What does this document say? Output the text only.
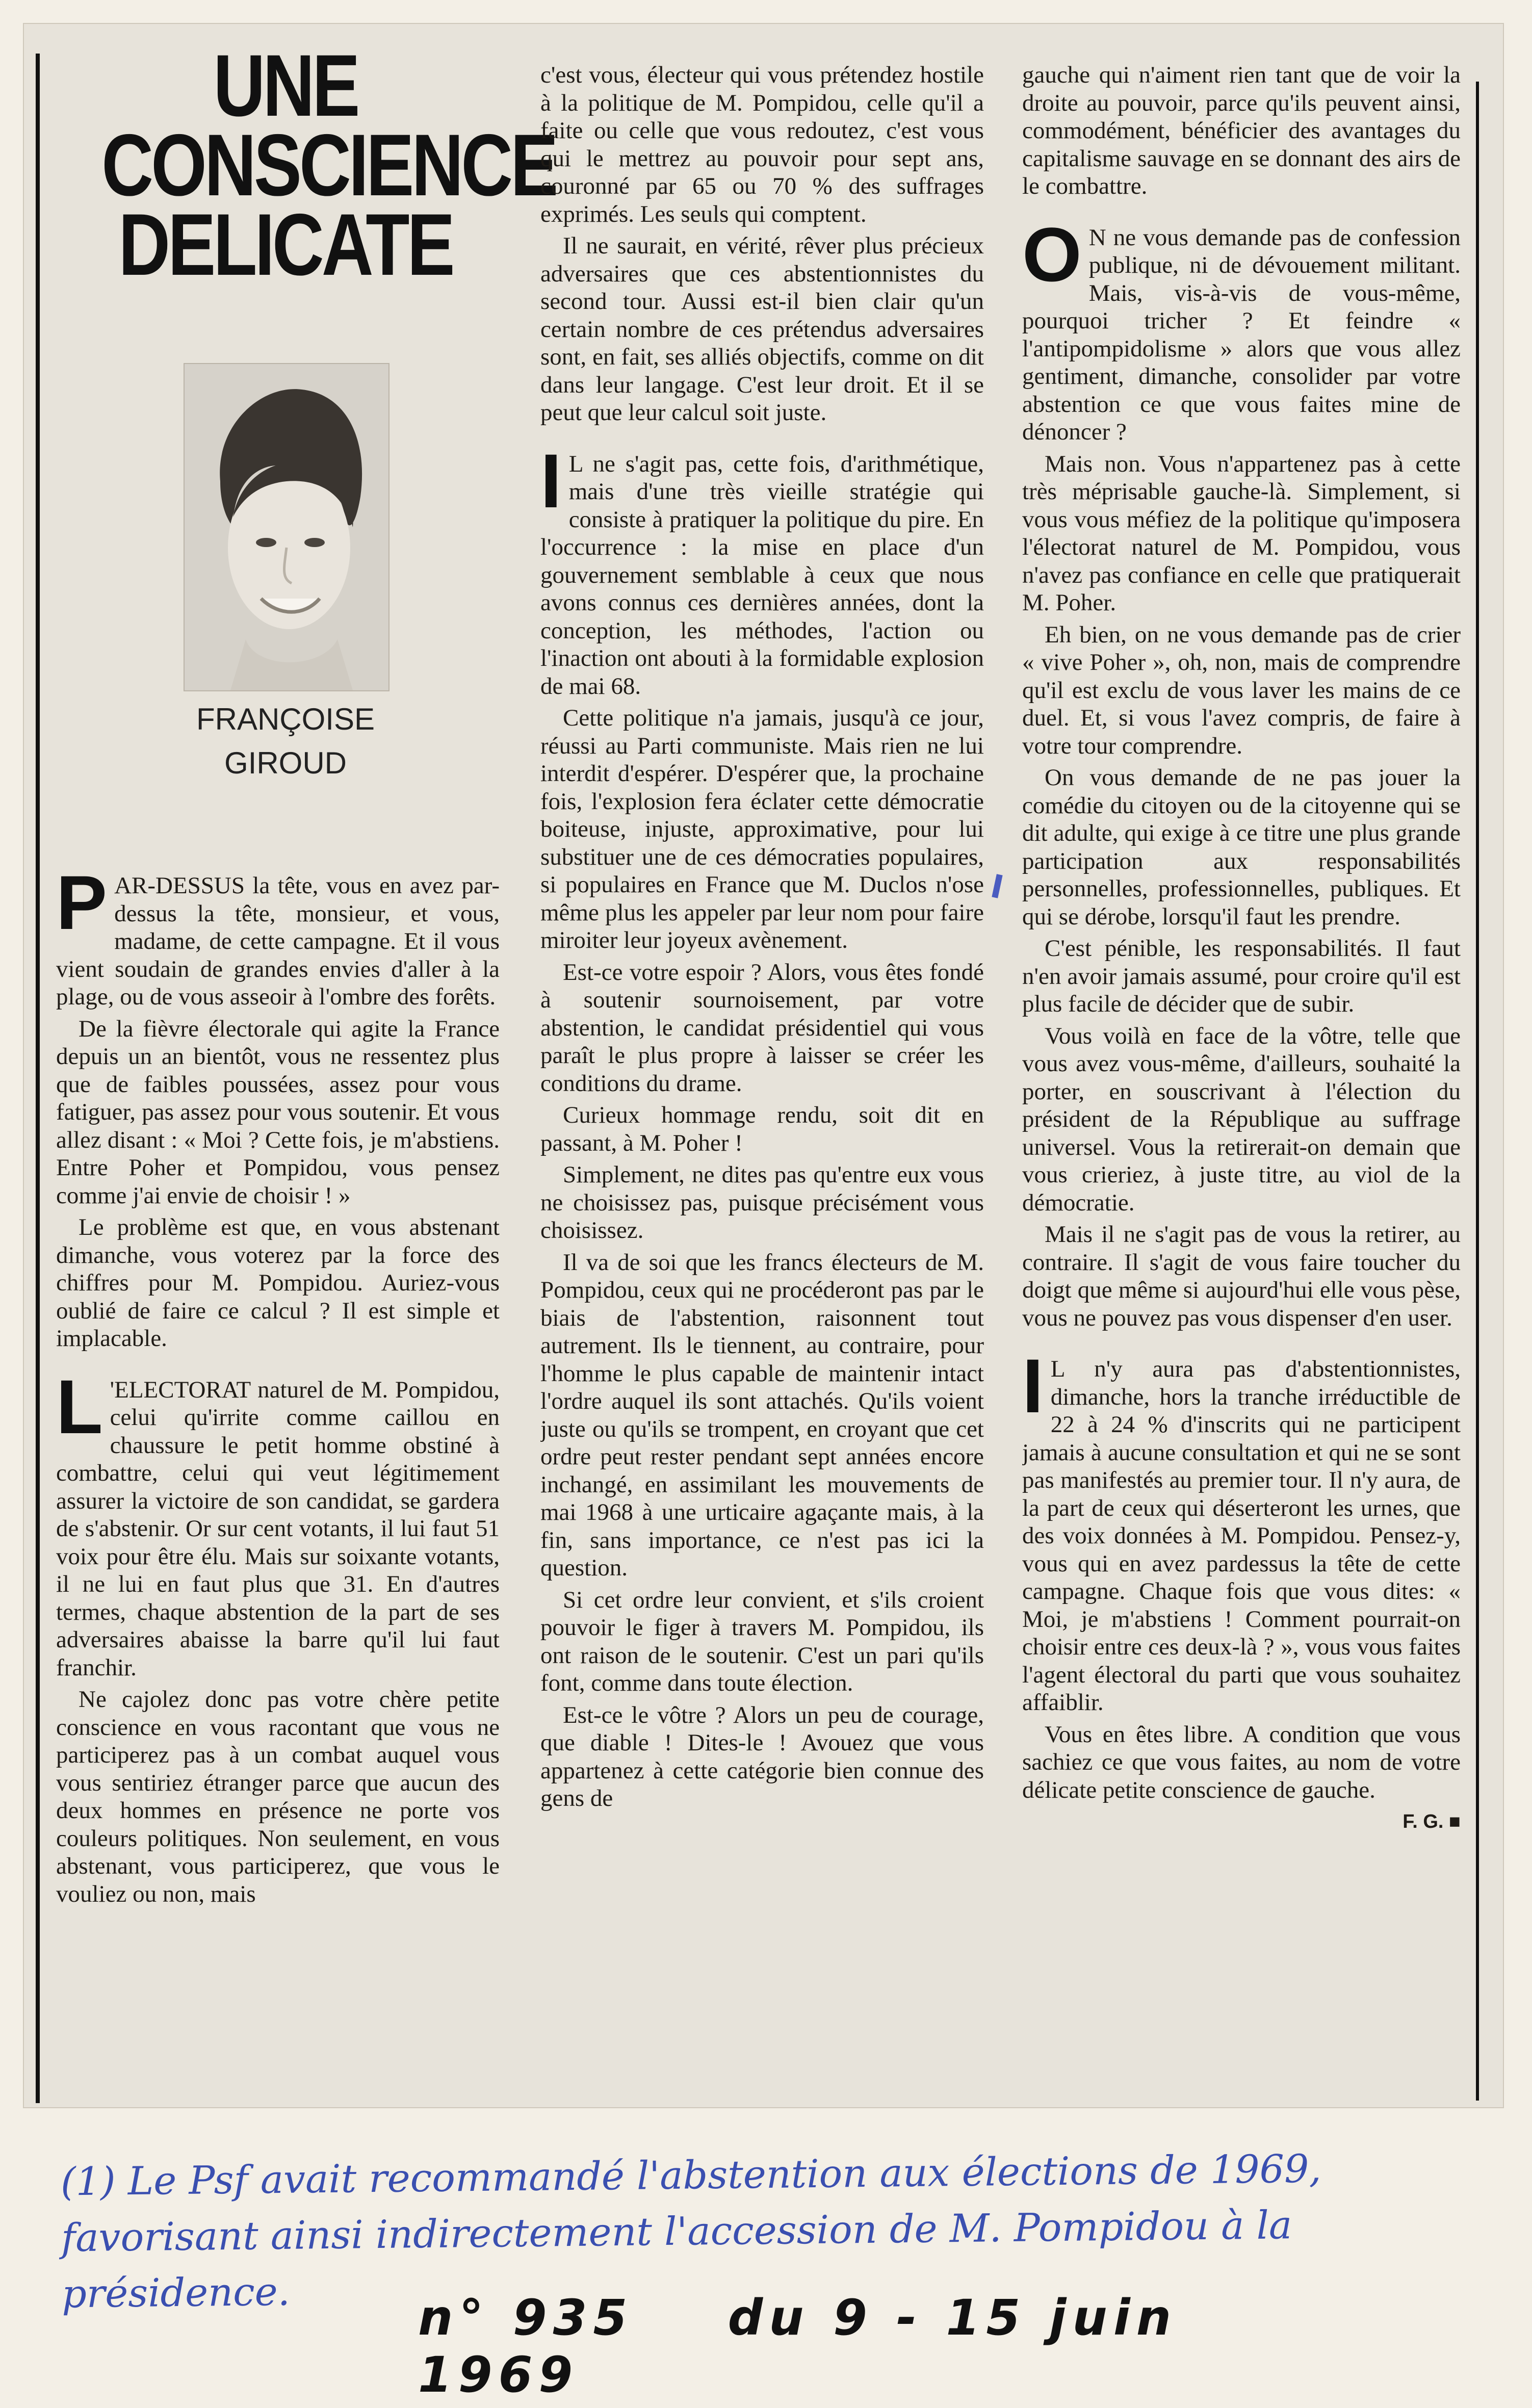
UNE
CONSCIENCE
DELICATE
FRANÇOISE
GIROUD

PAR-DESSUS la tête, vous en avez par-dessus la tête, monsieur, et vous, madame, de cette campagne. Et il vous vient soudain de grandes envies d'aller à la plage, ou de vous asseoir à l'ombre des forêts.

De la fièvre électorale qui agite la France depuis un an bientôt, vous ne ressentez plus que de faibles poussées, assez pour vous fatiguer, pas assez pour vous soutenir. Et vous allez disant : « Moi ? Cette fois, je m'abstiens. Entre Poher et Pompidou, vous pensez comme j'ai envie de choisir ! »

Le problème est que, en vous abstenant dimanche, vous voterez par la force des chiffres pour M. Pompidou. Auriez-vous oublié de faire ce calcul ? Il est simple et implacable.

L 'ELECTORAT naturel de M. Pompidou, celui qu'irrite comme caillou en chaussure le petit homme obstiné à combattre, celui qui veut légitimement assurer la victoire de son candidat, se gardera de s'abstenir. Or sur cent votants, il lui faut 51 voix pour être élu. Mais sur soixante votants, il ne lui en faut plus que 31. En d'autres termes, chaque abstention de la part de ses adversaires abaisse la barre qu'il lui faut franchir.

Ne cajolez donc pas votre chère petite conscience en vous racontant que vous ne participerez pas à un combat auquel vous vous sentiriez étranger parce que aucun des deux hommes en présence ne porte vos couleurs politiques. Non seulement, en vous abstenant, vous participerez, que vous le vouliez ou non, mais

c'est vous, électeur qui vous prétendez hostile à la politique de M. Pompidou, celle qu'il a faite ou celle que vous redoutez, c'est vous qui le mettrez au pouvoir pour sept ans, couronné par 65 ou 70 % des suffrages exprimés. Les seuls qui comptent.

Il ne saurait, en vérité, rêver plus précieux adversaires que ces abstentionnistes du second tour. Aussi est-il bien clair qu'un certain nombre de ces prétendus adversaires sont, en fait, ses alliés objectifs, comme on dit dans leur langage. C'est leur droit. Et il se peut que leur calcul soit juste.

I L ne s'agit pas, cette fois, d'arithmétique, mais d'une très vieille stratégie qui consiste à pratiquer la politique du pire. En l'occurrence : la mise en place d'un gouvernement semblable à ceux que nous avons connus ces dernières années, dont la conception, les méthodes, l'action ou l'inaction ont abouti à la formidable explosion de mai 68.

Cette politique n'a jamais, jusqu'à ce jour, réussi au Parti communiste. Mais rien ne lui interdit d'espérer. D'espérer que, la prochaine fois, l'explosion fera éclater cette démocratie boiteuse, injuste, approximative, pour lui substituer une de ces démocraties populaires, si populaires en France que M. Duclos n'ose même plus les appeler par leur nom pour faire miroiter leur joyeux avènement.

Est-ce votre espoir ? Alors, vous êtes fondé à soutenir sournoisement, par votre abstention, le candidat présidentiel qui vous paraît le plus propre à laisser se créer les conditions du drame.

Curieux hommage rendu, soit dit en passant, à M. Poher !

Simplement, ne dites pas qu'entre eux vous ne choisissez pas, puisque précisément vous choisissez.

Il va de soi que les francs électeurs de M. Pompidou, ceux qui ne procéderont pas par le biais de l'abstention, raisonnent tout autrement. Ils le tiennent, au contraire, pour l'homme le plus capable de maintenir intact l'ordre auquel ils sont attachés. Qu'ils voient juste ou qu'ils se trompent, en croyant que cet ordre peut rester pendant sept années encore inchangé, en assimilant les mouvements de mai 1968 à une urticaire agaçante mais, à la fin, sans importance, ce n'est pas ici la question.

Si cet ordre leur convient, et s'ils croient pouvoir le figer à travers M. Pompidou, ils ont raison de le soutenir. C'est un pari qu'ils font, comme dans toute élection.

Est-ce le vôtre ? Alors un peu de courage, que diable ! Dites-le ! Avouez que vous appartenez à cette catégorie bien connue des gens de

gauche qui n'aiment rien tant que de voir la droite au pouvoir, parce qu'ils peuvent ainsi, commodément, bénéficier des avantages du capitalisme sauvage en se donnant des airs de le combattre.

O N ne vous demande pas de confession publique, ni de dévouement militant. Mais, vis-à-vis de vous-même, pourquoi tricher ? Et feindre « l'antipompidolisme » alors que vous allez gentiment, dimanche, consolider par votre abstention ce que vous faites mine de dénoncer ?

Mais non. Vous n'appartenez pas à cette très méprisable gauche-là. Simplement, si vous vous méfiez de la politique qu'imposera l'électorat naturel de M. Pompidou, vous n'avez pas confiance en celle que pratiquerait M. Poher.

Eh bien, on ne vous demande pas de crier « vive Poher », oh, non, mais de comprendre qu'il est exclu de vous laver les mains de ce duel. Et, si vous l'avez compris, de faire à votre tour comprendre.

On vous demande de ne pas jouer la comédie du citoyen ou de la citoyenne qui se dit adulte, qui exige à ce titre une plus grande participation aux responsabilités personnelles, professionnelles, publiques. Et qui se dérobe, lorsqu'il faut les prendre.

C'est pénible, les responsabilités. Il faut n'en avoir jamais assumé, pour croire qu'il est plus facile de décider que de subir.

Vous voilà en face de la vôtre, telle que vous avez vous-même, d'ailleurs, souhaité la porter, en souscrivant à l'élection du président de la République au suffrage universel. Vous la retirerait-on demain que vous crieriez, à juste titre, au viol de la démocratie.

Mais il ne s'agit pas de vous la retirer, au contraire. Il s'agit de vous faire toucher du doigt que même si aujourd'hui elle vous pèse, vous ne pouvez pas vous dispenser d'en user.

I L n'y aura pas d'abstentionnistes, dimanche, hors la tranche irréductible de 22 à 24 % d'inscrits qui ne participent jamais à aucune consultation et qui ne se sont pas manifestés au premier tour. Il n'y aura, de la part de ceux qui déserteront les urnes, que des voix données à M. Pompidou. Pensez-y, vous qui en avez pardessus la tête de cette campagne. Chaque fois que vous dites: « Moi, je m'abstiens ! Comment pourrait-on choisir entre ces deux-là ? », vous vous faites l'agent électoral du parti que vous souhaitez affaiblir.

Vous en êtes libre. A condition que vous sachiez ce que vous faites, au nom de votre délicate petite conscience de gauche.

F. G. ■
(1) Le Psf avait recommandé l'abstention aux élections de 1969, favorisant ainsi indirectement l'accession de M. Pompidou à la présidence.	n° 935 du 9 - 15 juin 1969
